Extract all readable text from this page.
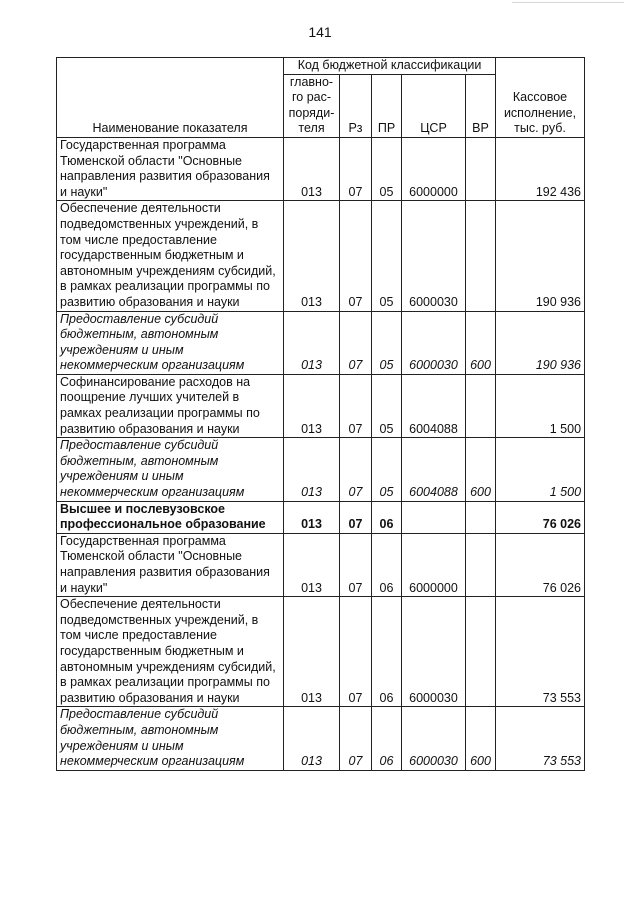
141
Наименование показателя	Код бюджетной классификации					Кассовое исполнение, тыс. руб.
	главно-го рас-поряди-теля	Рз	ПР	ЦСР	ВР	
Государственная программа Тюменской области "Основные направления развития образования и науки"	013	07	05	6000000		192 436
Обеспечение деятельности подведомственных учреждений, в том числе предоставление государственным бюджетным и автономным учреждениям субсидий, в рамках реализации программы по развитию образования и науки	013	07	05	6000030		190 936
Предоставление субсидий бюджетным, автономным учреждениям и иным некоммерческим организациям	013	07	05	6000030	600	190 936
Софинансирование расходов на поощрение лучших учителей в рамках реализации программы по развитию образования и науки	013	07	05	6004088		1 500
Предоставление субсидий бюджетным, автономным учреждениям и иным некоммерческим организациям	013	07	05	6004088	600	1 500
Высшее и послевузовское профессиональное образование	013	07	06			76 026
Государственная программа Тюменской области "Основные направления развития образования и науки"	013	07	06	6000000		76 026
Обеспечение деятельности подведомственных учреждений, в том числе предоставление государственным бюджетным и автономным учреждениям субсидий, в рамках реализации программы по развитию образования и науки	013	07	06	6000030		73 553
Предоставление субсидий бюджетным, автономным учреждениям и иным некоммерческим организациям	013	07	06	6000030	600	73 553
